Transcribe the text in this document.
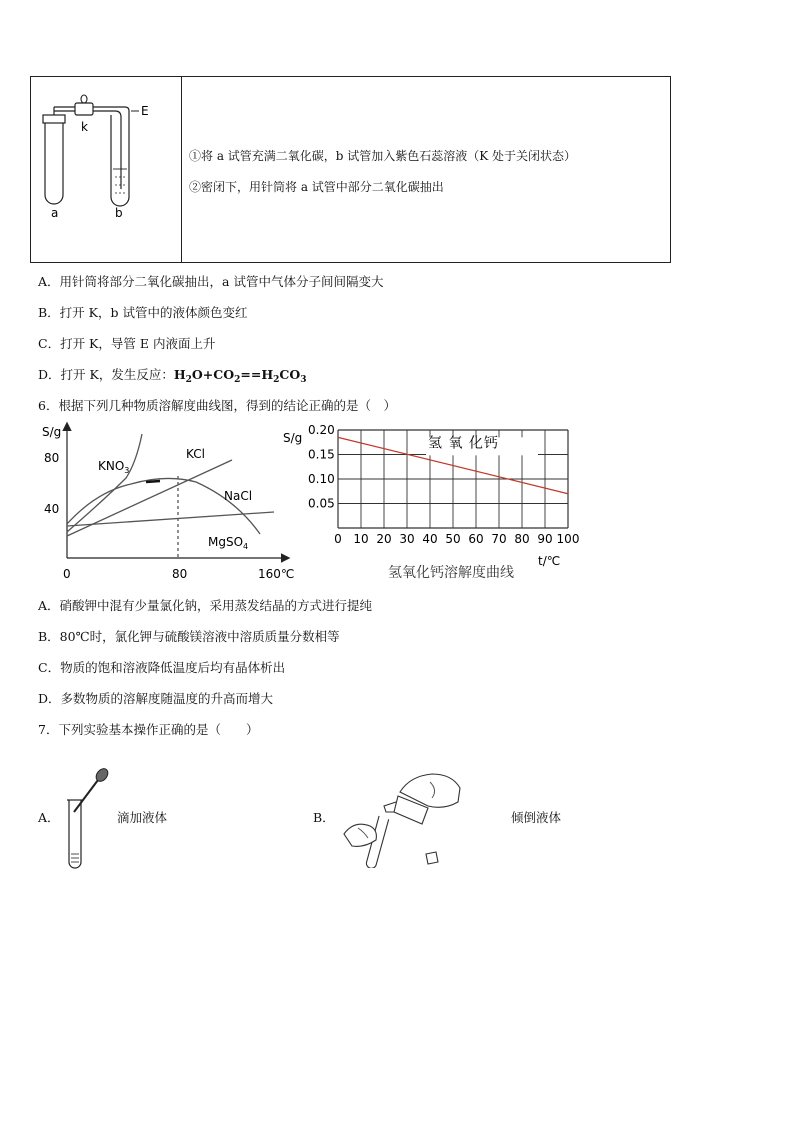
E
k
a	b
①将 a 试管充满二氧化碳，b 试管加入紫色石蕊溶液（K 处于关闭状态）
②密闭下，用针筒将 a 试管中部分二氧化碳抽出
A．用针筒将部分二氧化碳抽出，a 试管中气体分子间间隔变大
B．打开 K，b 试管中的液体颜色变红
C．打开 K，导管 E 内液面上升
D．打开 K，发生反应：$H_2O+CO_2==H_2CO_3$
6．根据下列几种物质溶解度曲线图，得到的结论正确的是（　）
S/g
80
40
0	80	160℃
$KNO_3$
KCl
NaCl
MgSO$_4$
0.20
0.15
0.10
0.05
0 10 20 30 40 50 60 70 80 90 100
氢 氧 化钙
S/g
t/℃
氢氧化钙溶解度曲线
A．硝酸钾中混有少量氯化钠，采用蒸发结晶的方式进行提纯
B．80℃时，氯化钾与硫酸镁溶液中溶质质量分数相等
C．物质的饱和溶液降低温度后均有晶体析出
D．多数物质的溶解度随温度的升高而增大
7．下列实验基本操作正确的是（　　）
A．	滴加液体	B．	倾倒液体
